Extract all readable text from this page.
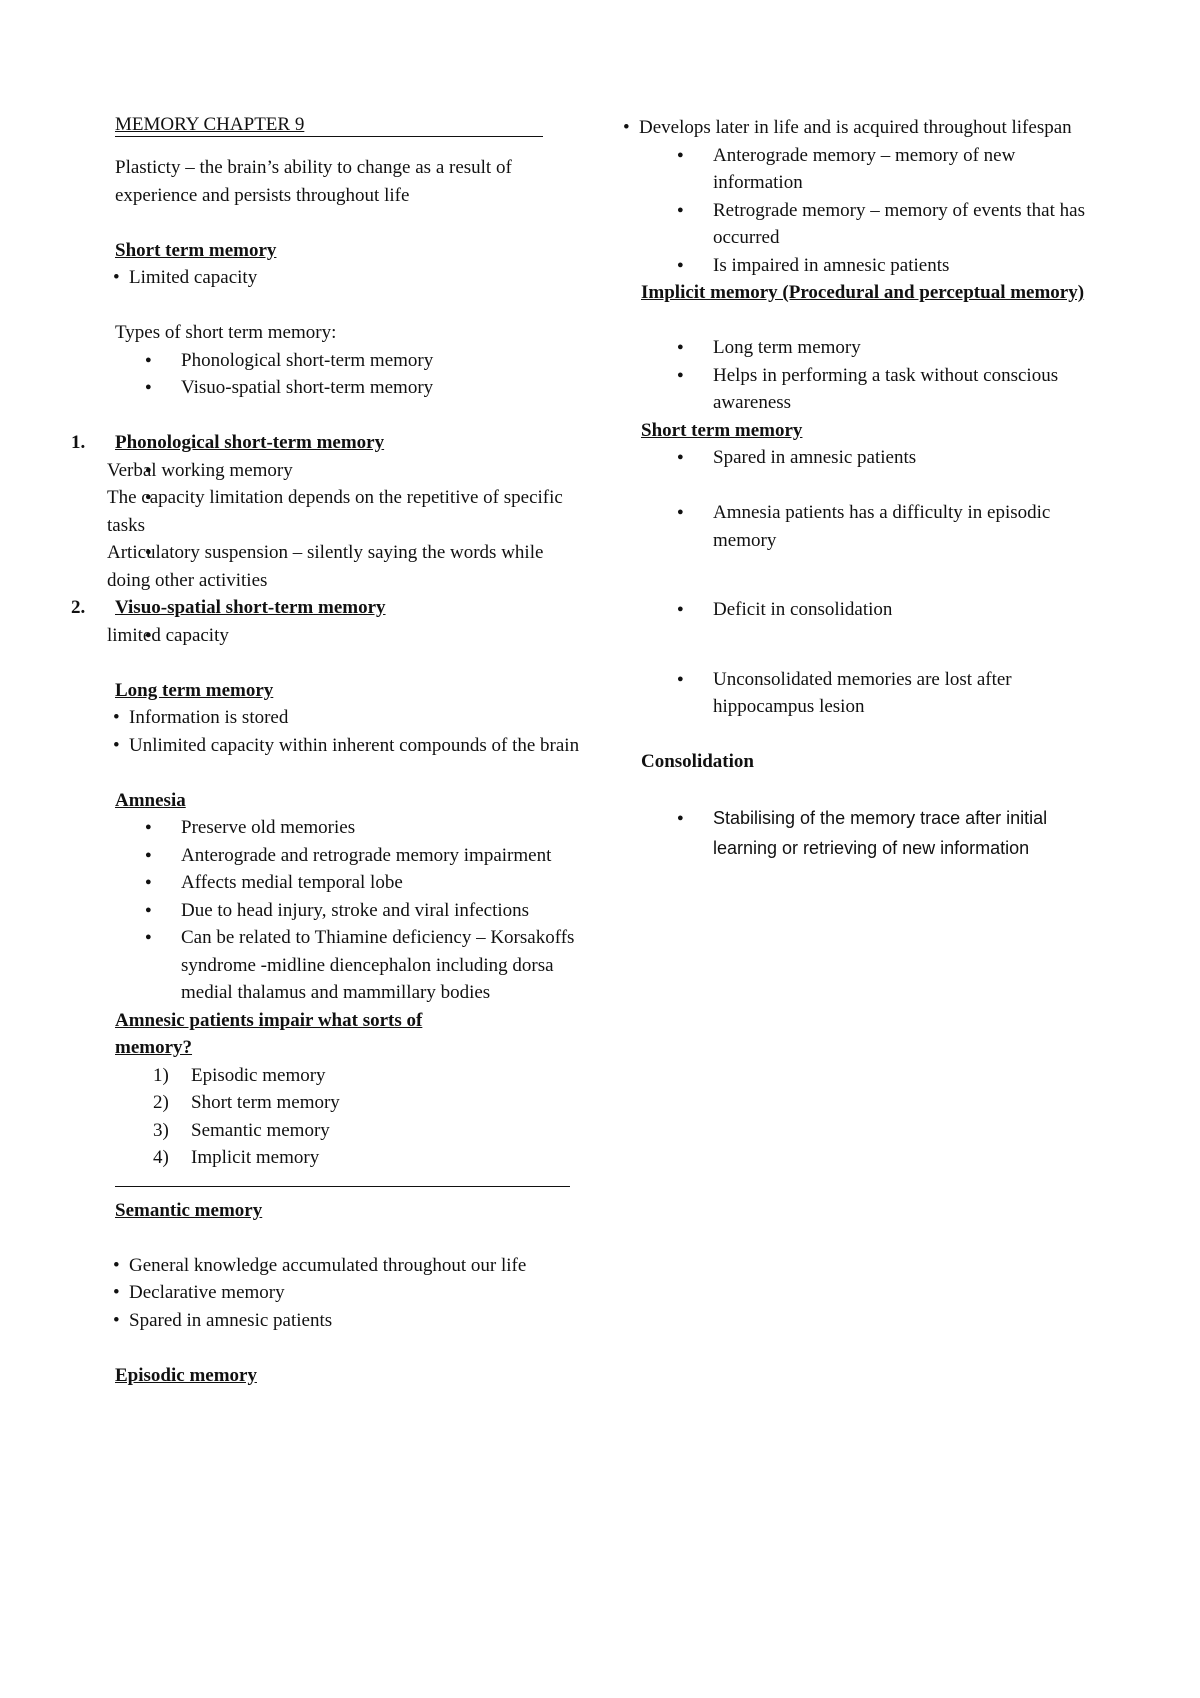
MEMORY CHAPTER 9

Plasticty – the brain’s ability to change as a result of experience and persists throughout life

Short term memory

• Limited capacity

Types of short term memory:

● Phonological short-term memory
● Visuo-spatial short-term memory
1. Phonological short-term memory
● Verbal working memory
● The capacity limitation depends on the repetitive of specific tasks
● Articulatory suspension – silently saying the words while doing other activities
2. Visuo-spatial short-term memory
● limited capacity

Long term memory

• Information is stored
• Unlimited capacity within inherent compounds of the brain

Amnesia

● Preserve old memories
● Anterograde and retrograde memory impairment
● Affects medial temporal lobe
● Due to head injury, stroke and viral infections
● Can be related to Thiamine deficiency – Korsakoffs syndrome -midline diencephalon including dorsa medial thalamus and mammillary bodies

Amnesic patients impair what sorts of memory?

1) Episodic memory
2) Short term memory
3) Semantic memory
4) Implicit memory

Semantic memory

• General knowledge accumulated throughout our life
• Declarative memory
• Spared in amnesic patients

Episodic memory

• Develops later in life and is acquired throughout lifespan
● Anterograde memory – memory of new information
● Retrograde memory – memory of events that has occurred
● Is impaired in amnesic patients

Implicit memory (Procedural and perceptual memory)

● Long term memory
● Helps in performing a task without conscious awareness

Short term memory

● Spared in amnesic patients
● Amnesia patients has a difficulty in episodic memory
● Deficit in consolidation
● Unconsolidated memories are lost after hippocampus lesion

Consolidation

● Stabilising of the memory trace after initial learning or retrieving of new information
